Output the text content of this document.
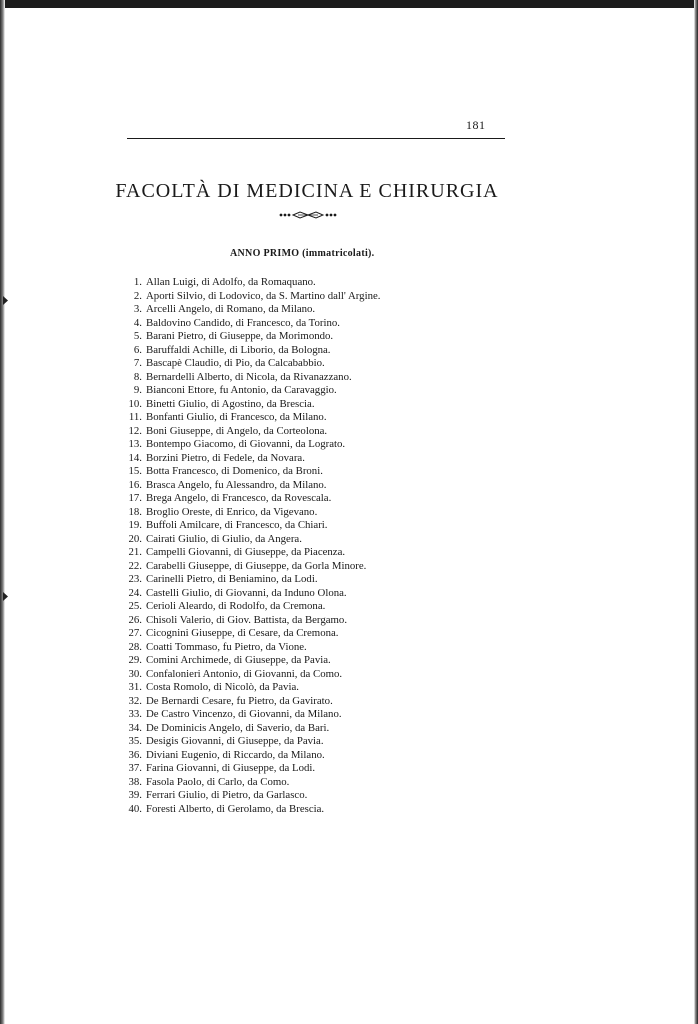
181
FACOLTÀ DI MEDICINA E CHIRURGIA
ANNO PRIMO (immatricolati).
1. Allan Luigi, di Adolfo, da Romaquano.
2. Aporti Silvio, di Lodovico, da S. Martino dall' Argine.
3. Arcelli Angelo, di Romano, da Milano.
4. Baldovino Candido, di Francesco, da Torino.
5. Barani Pietro, di Giuseppe, da Morimondo.
6. Baruffaldi Achille, di Liborio, da Bologna.
7. Bascapè Claudio, di Pio, da Calcababbio.
8. Bernardelli Alberto, di Nicola, da Rivanazzano.
9. Bianconi Ettore, fu Antonio, da Caravaggio.
10. Binetti Giulio, di Agostino, da Brescia.
11. Bonfanti Giulio, di Francesco, da Milano.
12. Boni Giuseppe, di Angelo, da Corteolona.
13. Bontempo Giacomo, di Giovanni, da Lograto.
14. Borzini Pietro, di Fedele, da Novara.
15. Botta Francesco, di Domenico, da Broni.
16. Brasca Angelo, fu Alessandro, da Milano.
17. Brega Angelo, di Francesco, da Rovescala.
18. Broglio Oreste, di Enrico, da Vigevano.
19. Buffoli Amilcare, di Francesco, da Chiari.
20. Cairati Giulio, di Giulio, da Angera.
21. Campelli Giovanni, di Giuseppe, da Piacenza.
22. Carabelli Giuseppe, di Giuseppe, da Gorla Minore.
23. Carinelli Pietro, di Beniamino, da Lodi.
24. Castelli Giulio, di Giovanni, da Induno Olona.
25. Cerioli Aleardo, di Rodolfo, da Cremona.
26. Chisoli Valerio, di Giov. Battista, da Bergamo.
27. Cicognini Giuseppe, di Cesare, da Cremona.
28. Coatti Tommaso, fu Pietro, da Vione.
29. Comini Archimede, di Giuseppe, da Pavia.
30. Confalonieri Antonio, di Giovanni, da Como.
31. Costa Romolo, di Nicolò, da Pavia.
32. De Bernardi Cesare, fu Pietro, da Gavirato.
33. De Castro Vincenzo, di Giovanni, da Milano.
34. De Dominicis Angelo, di Saverio, da Bari.
35. Desigis Giovanni, di Giuseppe, da Pavia.
36. Diviani Eugenio, di Riccardo, da Milano.
37. Farina Giovanni, di Giuseppe, da Lodi.
38. Fasola Paolo, di Carlo, da Como.
39. Ferrari Giulio, di Pietro, da Garlasco.
40. Foresti Alberto, di Gerolamo, da Brescia.
